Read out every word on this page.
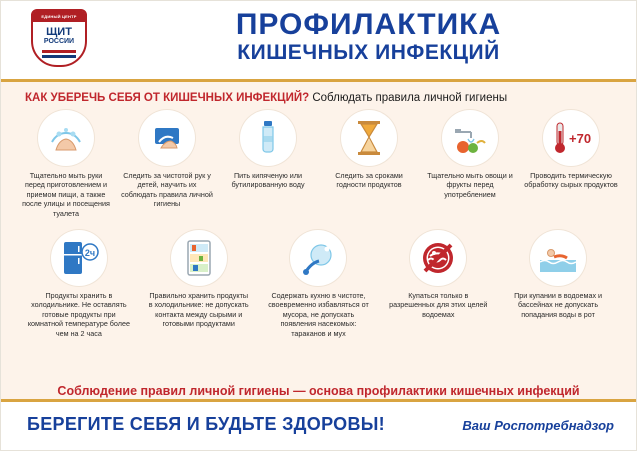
ЕДИНЫЙ ЦЕНТР
ЩИТ
РОССИИ
ПРОФИЛАКТИКА
КИШЕЧНЫХ ИНФЕКЦИЙ
КАК УБЕРЕЧЬ СЕБЯ ОТ КИШЕЧНЫХ ИНФЕКЦИЙ? Соблюдать правила личной гигиены
Тщательно мыть руки перед приготовлением и приемом пищи, а также после улицы и посещения туалета
Следить за чистотой рук у детей, научить их соблюдать правила личной гигиены
Пить кипяченую или бутилированную воду
Следить за сроками годности продуктов
Тщательно мыть овощи и фрукты перед употреблением
+70
Проводить термическую обработку сырых продуктов
2ч
Продукты хранить в холодильнике. Не оставлять готовые продукты при комнатной температуре более чем на 2 часа
Правильно хранить продукты в холодильнике: не допускать контакта между сырыми и готовыми продуктами
Содержать кухню в чистоте, своевременно избавляться от мусора, не допускать появления насекомых: тараканов и мух
Купаться только в разрешенных для этих целей водоемах
При купании в водоемах и бассейнах не допускать попадания воды в рот
Соблюдение правил личной гигиены — основа профилактики кишечных инфекций
БЕРЕГИТЕ СЕБЯ И БУДЬТЕ ЗДОРОВЫ!	Ваш Роспотребнадзор
